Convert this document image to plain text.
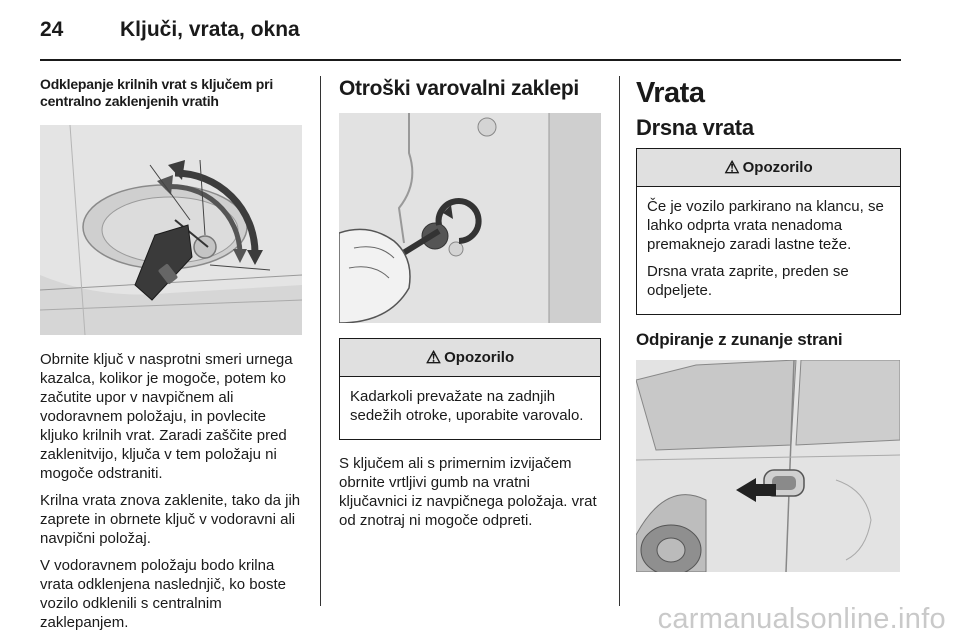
24	Ključi, vrata, okna
Odklepanje krilnih vrat s ključem pri centralno zaklenjenih vratih

Obrnite ključ v nasprotni smeri urnega kazalca, kolikor je mogoče, potem ko začutite upor v navpičnem ali vodoravnem položaju, in povlecite kljuko krilnih vrat. Zaradi zaščite pred zaklenitvijo, ključa v tem položaju ni mogoče odstraniti.

Krilna vrata znova zaklenite, tako da jih zaprete in obrnete ključ v vodoravni ali navpični položaj.

V vodoravnem položaju bodo krilna vrata odklenjena naslednjič, ko boste vozilo odklenili s centralnim zaklepanjem.

Otroški varovalni zaklepi
⚠ Opozorilo

Kadarkoli prevažate na zadnjih sedežih otroke, uporabite varovalo.

S ključem ali s primernim izvijačem obrnite vrtljivi gumb na vratni ključavnici iz navpičnega položaja. vrat od znotraj ni mogoče odpreti.

Vrata
Drsna vrata
⚠ Opozorilo

Če je vozilo parkirano na klancu, se lahko odprta vrata nenadoma premaknejo zaradi lastne teže.

Drsna vrata zaprite, preden se odpeljete.

Odpiranje z zunanje strani
carmanualsonline.info
